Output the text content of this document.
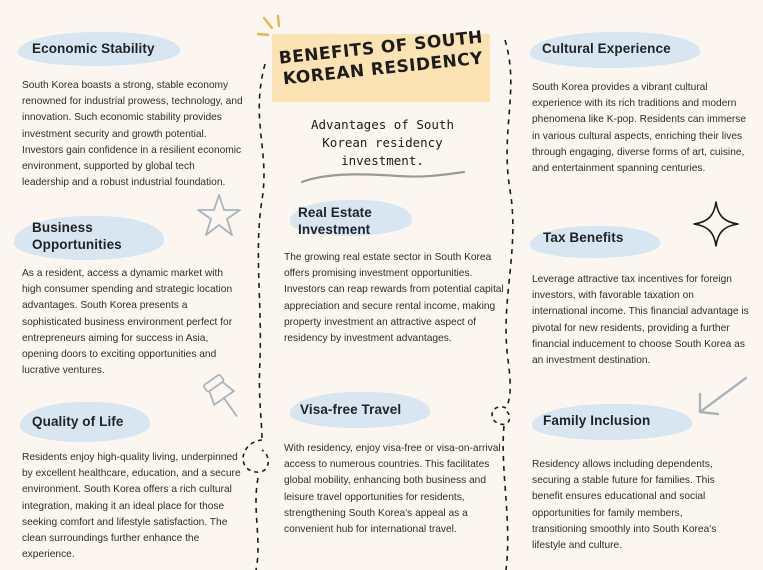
BENEFITS OF SOUTH KOREAN RESIDENCY
Advantages of South Korean residency investment.
Economic Stability
South Korea boasts a strong, stable economy renowned for industrial prowess, technology, and innovation. Such economic stability provides investment security and growth potential. Investors gain confidence in a resilient economic environment, supported by global tech leadership and a robust industrial foundation.
Business Opportunities
As a resident, access a dynamic market with high consumer spending and strategic location advantages. South Korea presents a sophisticated business environment perfect for entrepreneurs aiming for success in Asia, opening doors to exciting opportunities and lucrative ventures.
Quality of Life
Residents enjoy high-quality living, underpinned by excellent healthcare, education, and a secure environment. South Korea offers a rich cultural integration, making it an ideal place for those seeking comfort and lifestyle satisfaction. The clean surroundings further enhance the experience.
Real Estate Investment
The growing real estate sector in South Korea offers promising investment opportunities. Investors can reap rewards from potential capital appreciation and secure rental income, making property investment an attractive aspect of residency by investment advantages.
Visa-free Travel
With residency, enjoy visa-free or visa-on-arrival access to numerous countries. This facilitates global mobility, enhancing both business and leisure travel opportunities for residents, strengthening South Korea's appeal as a convenient hub for international travel.
Cultural Experience
South Korea provides a vibrant cultural experience with its rich traditions and modern phenomena like K-pop. Residents can immerse in various cultural aspects, enriching their lives through engaging, diverse forms of art, cuisine, and entertainment spanning centuries.
Tax Benefits
Leverage attractive tax incentives for foreign investors, with favorable taxation on international income. This financial advantage is pivotal for new residents, providing a further financial inducement to choose South Korea as an investment destination.
Family Inclusion
Residency allows including dependents, securing a stable future for families. This benefit ensures educational and social opportunities for family members, transitioning smoothly into South Korea's lifestyle and culture.
